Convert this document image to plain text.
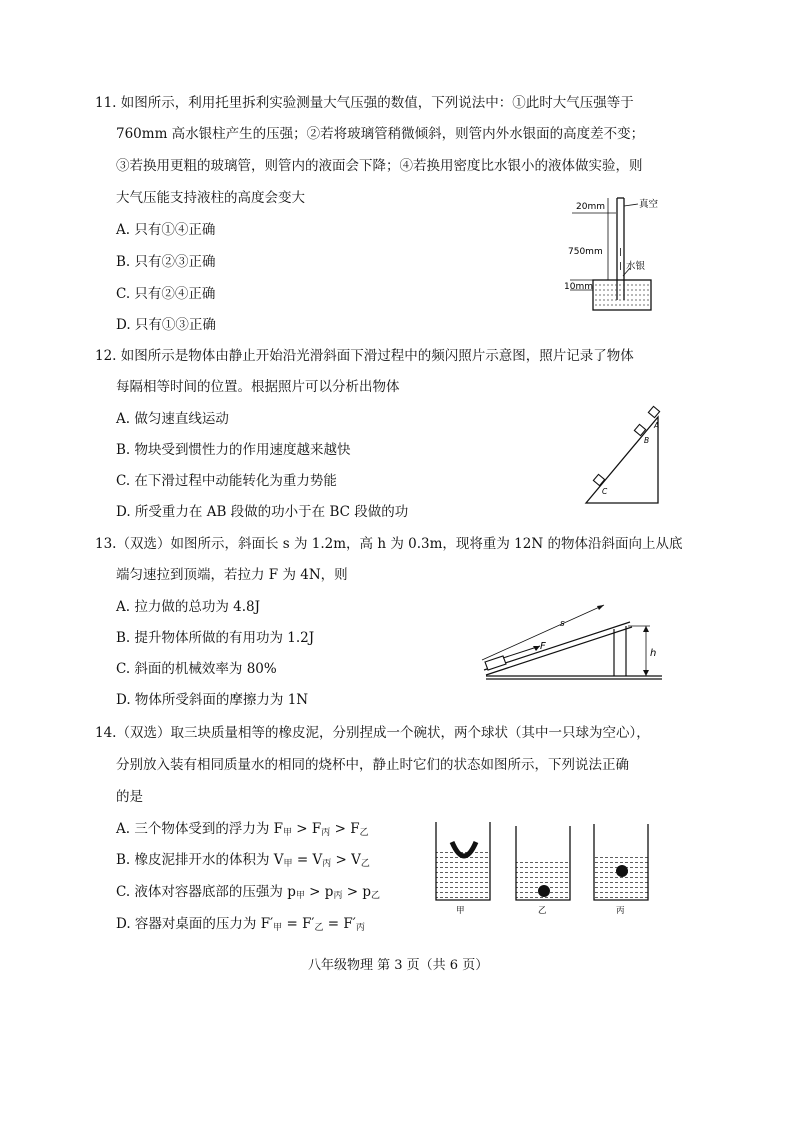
11. 如图所示，利用托里拆利实验测量大气压强的数值，下列说法中：①此时大气压强等于
760mm 高水银柱产生的压强；②若将玻璃管稍微倾斜，则管内外水银面的高度差不变；
③若换用更粗的玻璃管，则管内的液面会下降；④若换用密度比水银小的液体做实验，则
大气压能支持液柱的高度会变大
A. 只有①④正确
B. 只有②③正确
C. 只有②④正确
D. 只有①③正确
20mm	真空
750mm
水银
10mm
12. 如图所示是物体由静止开始沿光滑斜面下滑过程中的频闪照片示意图，照片记录了物体
每隔相等时间的位置。根据照片可以分析出物体
A. 做匀速直线运动
B. 物块受到惯性力的作用速度越来越快
C. 在下滑过程中动能转化为重力势能
D. 所受重力在 AB 段做的功小于在 BC 段做的功
A
B
C
13.（双选）如图所示，斜面长 s 为 1.2m，高 h 为 0.3m，现将重为 12N 的物体沿斜面向上从底
端匀速拉到顶端，若拉力 F 为 4N，则
A. 拉力做的总功为 4.8J
B. 提升物体所做的有用功为 1.2J
C. 斜面的机械效率为 80%
D. 物体所受斜面的摩擦力为 1N
s
F
h
14.（双选）取三块质量相等的橡皮泥，分别捏成一个碗状，两个球状（其中一只球为空心），
分别放入装有相同质量水的相同的烧杯中，静止时它们的状态如图所示，下列说法正确
的是
A. 三个物体受到的浮力为 $F_甲 > F_丙 > F_乙$
B. 橡皮泥排开水的体积为 $V_甲 = V_丙 > V_乙$
C. 液体对容器底部的压强为 $p_甲 > p_丙 > p_乙$
D. 容器对桌面的压力为 $F'_甲 = F'_乙 = F'_丙$
甲	乙	丙
八年级物理 第 3 页（共 6 页）
